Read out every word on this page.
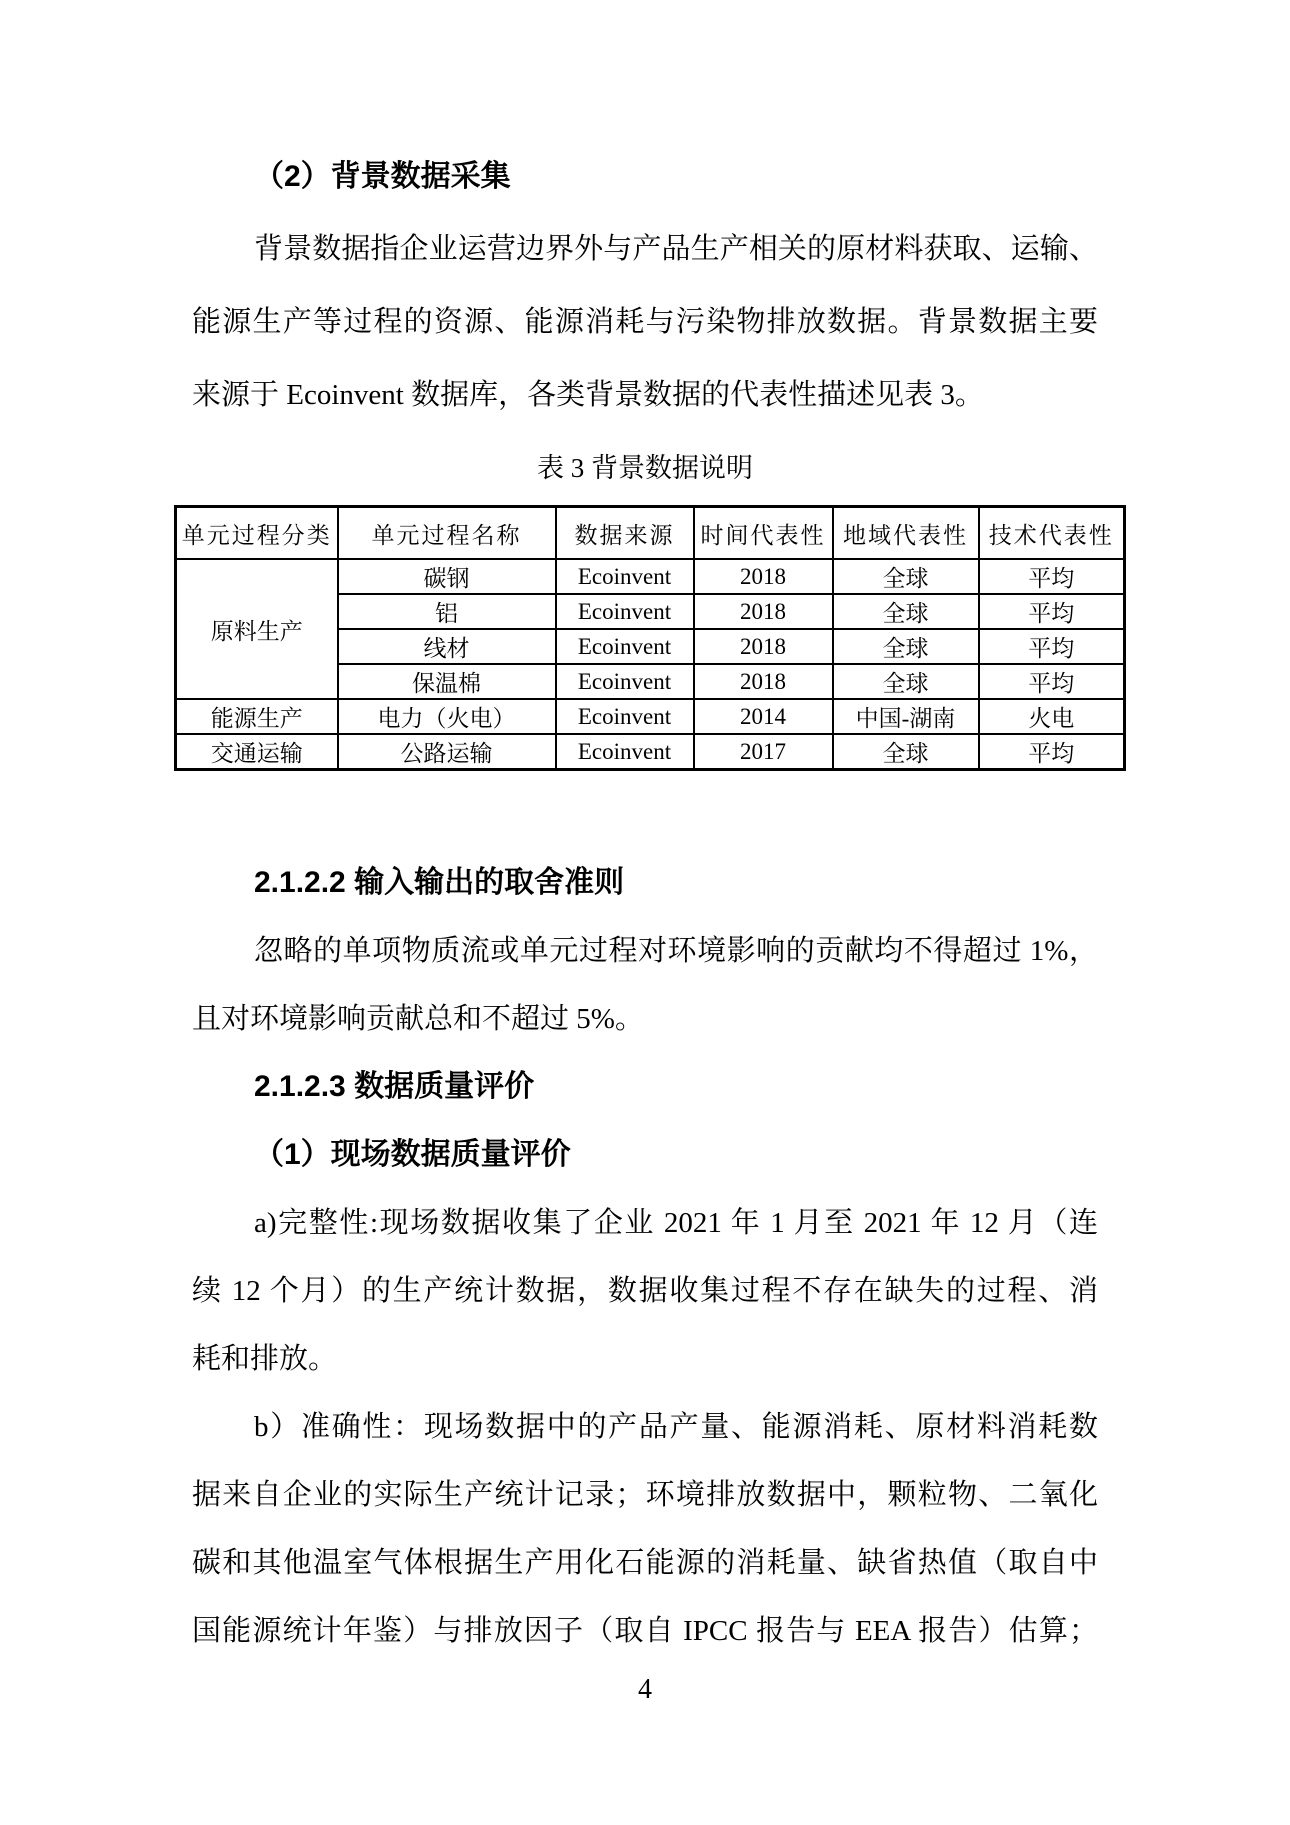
（2）背景数据采集
背景数据指企业运营边界外与产品生产相关的原材料获取、运输、
能源生产等过程的资源、能源消耗与污染物排放数据。背景数据主要
来源于 Ecoinvent 数据库，各类背景数据的代表性描述见表 3。
表 3 背景数据说明
单元过程分类	单元过程名称	数据来源	时间代表性	地域代表性	技术代表性
原料生产	碳钢	Ecoinvent	2018	全球	平均
	铝	Ecoinvent	2018	全球	平均
	线材	Ecoinvent	2018	全球	平均
	保温棉	Ecoinvent	2018	全球	平均
能源生产	电力（火电）	Ecoinvent	2014	中国-湖南	火电
交通运输	公路运输	Ecoinvent	2017	全球	平均
2.1.2.2 输入输出的取舍准则
忽略的单项物质流或单元过程对环境影响的贡献均不得超过 1%，
且对环境影响贡献总和不超过 5%。
2.1.2.3 数据质量评价
（1）现场数据质量评价
a)完整性:现场数据收集了企业 2021 年 1 月至 2021 年 12 月（连
续 12 个月）的生产统计数据，数据收集过程不存在缺失的过程、消
耗和排放。
b）准确性：现场数据中的产品产量、能源消耗、原材料消耗数
据来自企业的实际生产统计记录；环境排放数据中，颗粒物、二氧化
碳和其他温室气体根据生产用化石能源的消耗量、缺省热值（取自中
国能源统计年鉴）与排放因子（取自 IPCC 报告与 EEA 报告）估算；
4
